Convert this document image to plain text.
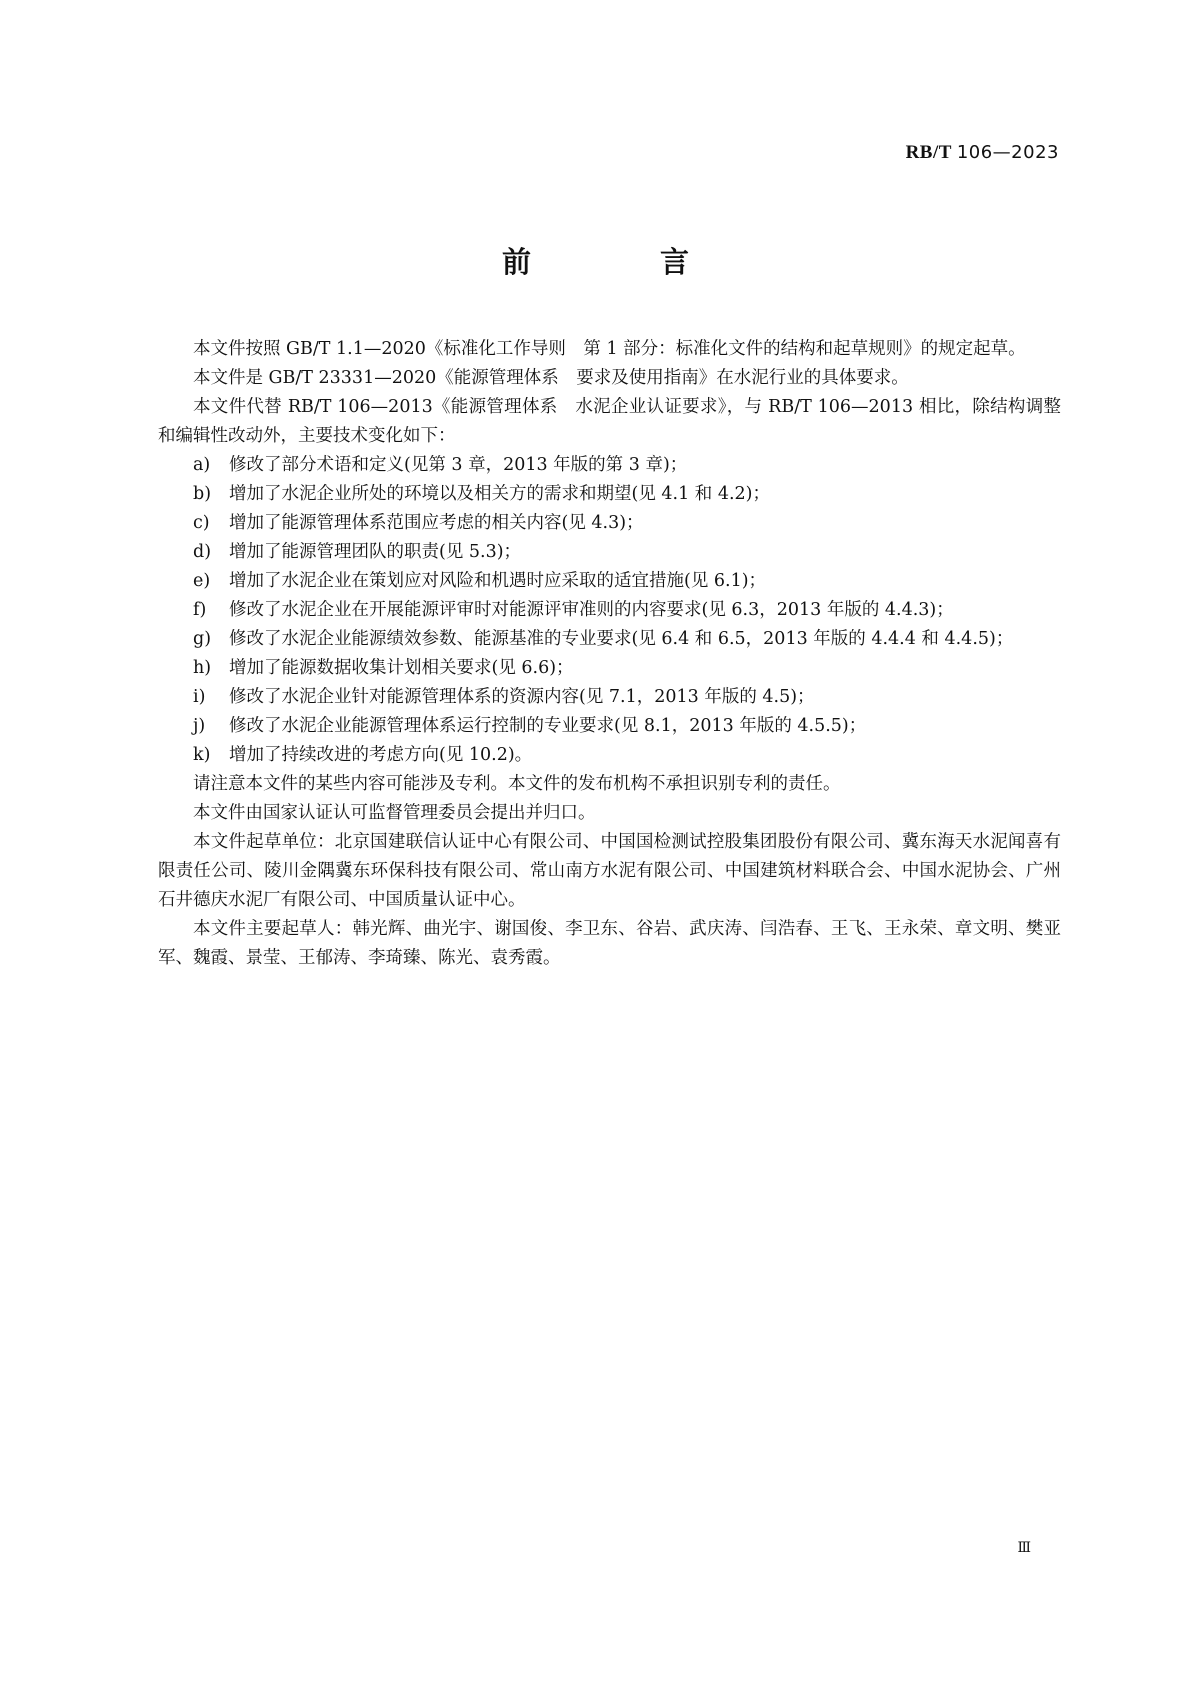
RB/T 106—2023
前　言

本文件按照 GB/T 1.1—2020《标准化工作导则　第 1 部分：标准化文件的结构和起草规则》的规定起草。

本文件是 GB/T 23331—2020《能源管理体系　要求及使用指南》在水泥行业的具体要求。

本文件代替 RB/T 106—2013《能源管理体系　水泥企业认证要求》，与 RB/T 106—2013 相比，除结构调整和编辑性改动外，主要技术变化如下：

a) 修改了部分术语和定义(见第 3 章，2013 年版的第 3 章)；

b) 增加了水泥企业所处的环境以及相关方的需求和期望(见 4.1 和 4.2)；

c) 增加了能源管理体系范围应考虑的相关内容(见 4.3)；

d) 增加了能源管理团队的职责(见 5.3)；

e) 增加了水泥企业在策划应对风险和机遇时应采取的适宜措施(见 6.1)；

f) 修改了水泥企业在开展能源评审时对能源评审准则的内容要求(见 6.3，2013 年版的 4.4.3)；

g) 修改了水泥企业能源绩效参数、能源基准的专业要求(见 6.4 和 6.5，2013 年版的 4.4.4 和 4.4.5)；

h) 增加了能源数据收集计划相关要求(见 6.6)；

i) 修改了水泥企业针对能源管理体系的资源内容(见 7.1，2013 年版的 4.5)；

j) 修改了水泥企业能源管理体系运行控制的专业要求(见 8.1，2013 年版的 4.5.5)；

k) 增加了持续改进的考虑方向(见 10.2)。

请注意本文件的某些内容可能涉及专利。本文件的发布机构不承担识别专利的责任。

本文件由国家认证认可监督管理委员会提出并归口。

本文件起草单位：北京国建联信认证中心有限公司、中国国检测试控股集团股份有限公司、冀东海天水泥闻喜有限责任公司、陵川金隅冀东环保科技有限公司、常山南方水泥有限公司、中国建筑材料联合会、中国水泥协会、广州石井德庆水泥厂有限公司、中国质量认证中心。

本文件主要起草人：韩光辉、曲光宇、谢国俊、李卫东、谷岩、武庆涛、闫浩春、王飞、王永荣、章文明、樊亚军、魏霞、景莹、王郁涛、李琦臻、陈光、袁秀霞。

Ⅲ
